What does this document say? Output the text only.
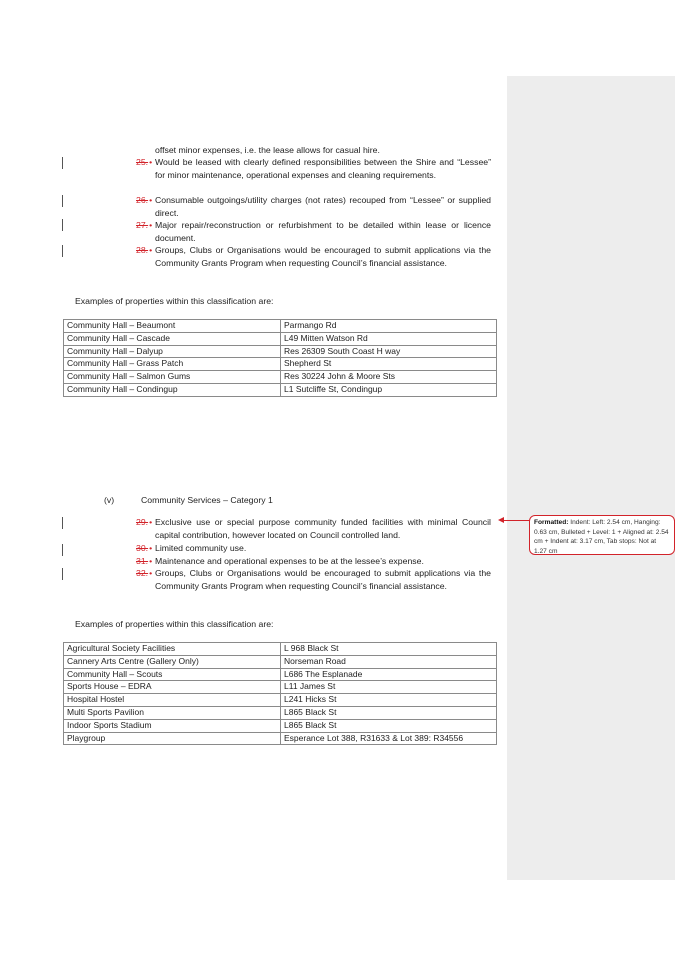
offset minor expenses, i.e. the lease allows for casual hire.
25. • Would be leased with clearly defined responsibilities between the Shire and “Lessee” for minor maintenance, operational expenses and cleaning requirements.
26. • Consumable outgoings/utility charges (not rates) recouped from “Lessee” or supplied direct.
27. • Major repair/reconstruction or refurbishment to be detailed within lease or licence document.
28. • Groups, Clubs or Organisations would be encouraged to submit applications via the Community Grants Program when requesting Council’s financial assistance.
Examples of properties within this classification are:
Community Hall – Beaumont	Parmango Rd
Community Hall – Cascade	L49 Mitten Watson Rd
Community Hall – Dalyup	Res 26309 South Coast H way
Community Hall – Grass Patch	Shepherd St
Community Hall – Salmon Gums	Res 30224 John & Moore Sts
Community Hall – Condingup	L1 Sutcliffe St, Condingup
(v)	Community Services – Category 1
29. • Exclusive use or special purpose community funded facilities with minimal Council capital contribution, however located on Council controlled land.
30. • Limited community use.
31. • Maintenance and operational expenses to be at the lessee’s expense.
32. • Groups, Clubs or Organisations would be encouraged to submit applications via the Community Grants Program when requesting Council’s financial assistance.
Examples of properties within this classification are:
Agricultural Society Facilities	L 968 Black St
Cannery Arts Centre (Gallery Only)	Norseman Road
Community Hall – Scouts	L686 The Esplanade
Sports House – EDRA	L11 James St
Hospital Hostel	L241 Hicks St
Multi Sports Pavilion	L865 Black St
Indoor Sports Stadium	L865 Black St
Playgroup	Esperance Lot 388, R31633 & Lot 389: R34556
Formatted: Indent: Left: 2.54 cm, Hanging: 0.63 cm, Bulleted + Level: 1 + Aligned at: 2.54 cm + Indent at: 3.17 cm, Tab stops: Not at 1.27 cm
